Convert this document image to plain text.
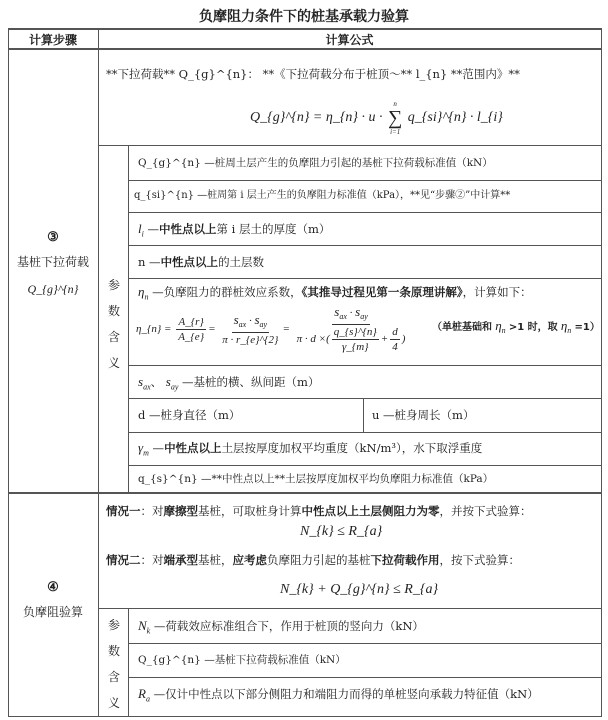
负摩阻力条件下的桩基承载力验算
计算步骤	计算公式
③
基桩下拉荷载
Q_{g}^{n}
**下拉荷载** Q_{g}^{n}： **《下拉荷载分布于桩顶～** l_{n} **范围内》**
Q_{g}^{n} = η_{n} · u ·
n
∑
i=1
q_{si}^{n} · l_{i}
参
数
含
义
Q_{g}^{n} —桩周土层产生的负摩阻力引起的基桩下拉荷载标准值（kN）
q_{si}^{n} —桩周第 i 层土产生的负摩阻力标准值（kPa），**见“步骤②”中计算**
$l_i$ —中性点以上第 i 层土的厚度（m）
n —中性点以上的土层数
$\eta_n$ —负摩阻力的群桩效应系数，《其推导过程见第一条原理讲解》，计算如下：
η_{n} = $\frac{A\_\{r\}}{A\_\{e\}} = \frac{s_{ax} \cdot s_{ay}}{\pi \cdot r\_\{e\}\^{}\{2\}} = \frac{s_{ax} \cdot s_{ay}}{\pi \cdot d \times( \frac{q\_\{s\}\^{}\{n\}}{\gamma\_\{m\}} + \frac{d}{4} )}$ （单桩基础和 $\eta_n >1$ 时，取 $\eta_n =1$）
$s_{ax}$、 $s_{ay}$ —基桩的横、纵间距（m）
d —桩身直径（m）	u —桩身周长（m）
$\gamma_m$ —中性点以上土层按厚度加权平均重度（kN/m³），水下取浮重度
q_{s}^{n} —**中性点以上**土层按厚度加权平均负摩阻力标准值（kPa）
④
负摩阻验算
情况一：对摩擦型基桩，可取桩身计算中性点以上土层侧阻力为零，并按下式验算：
N_{k} ≤ R_{a}
情况二：对端承型基桩，应考虑负摩阻力引起的基桩下拉荷载作用，按下式验算：
N_{k} + Q_{g}^{n} ≤ R_{a}
参
数
含
义
$N_k$ —荷载效应标准组合下，作用于桩顶的竖向力（kN）
Q_{g}^{n} —基桩下拉荷载标准值（kN）
$R_a$ —仅计中性点以下部分侧阻力和端阻力而得的单桩竖向承载力特征值（kN）
